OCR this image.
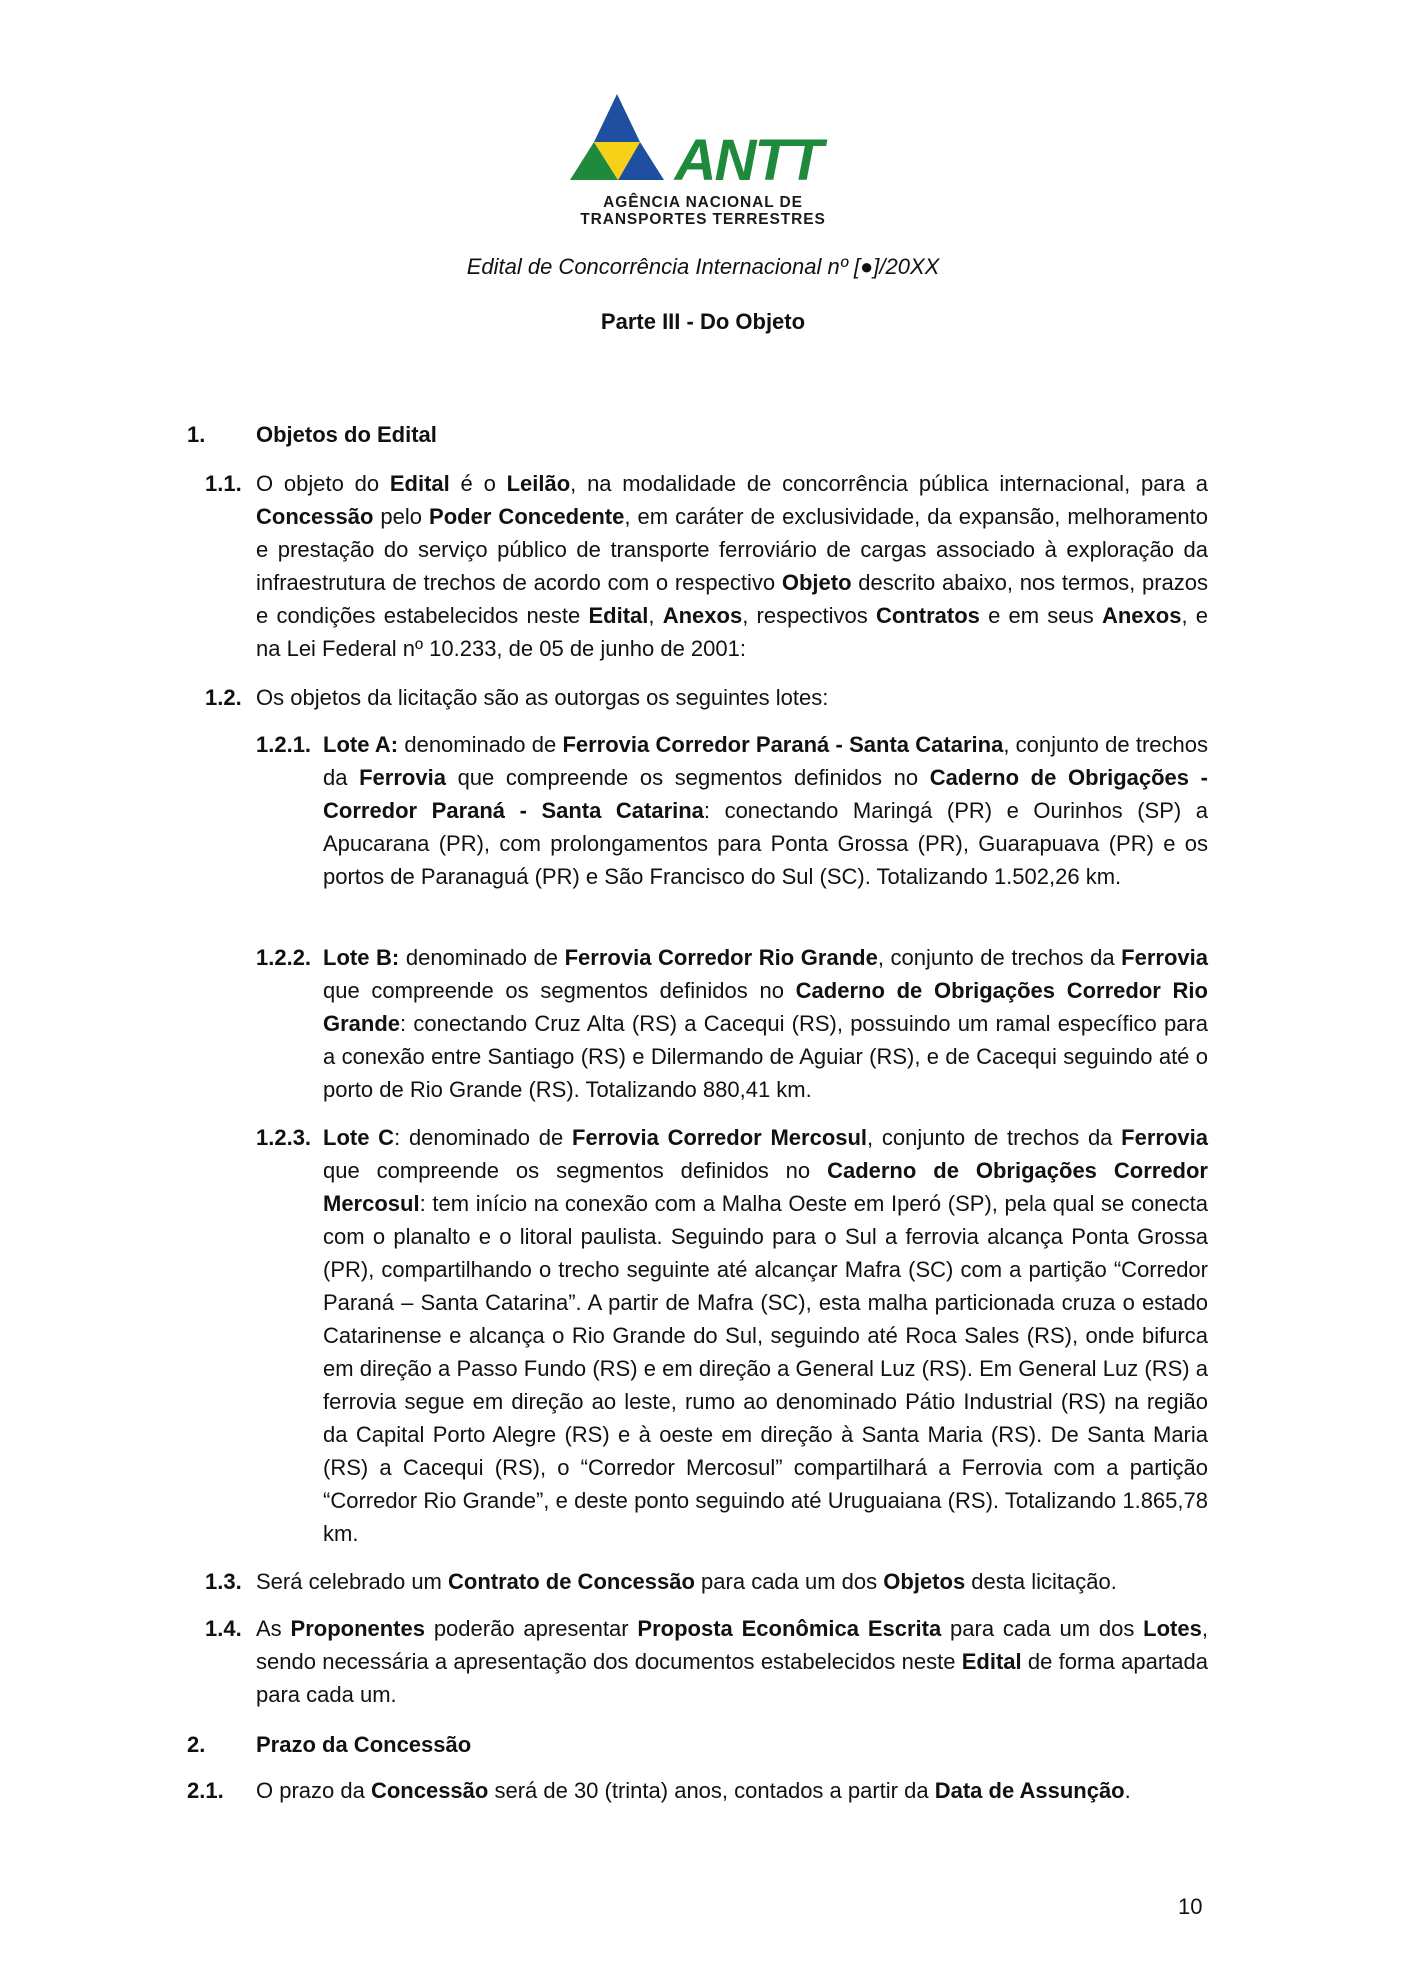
ANTT
AGÊNCIA NACIONAL DE
TRANSPORTES TERRESTRES
Edital de Concorrência Internacional nº [●]/20XX
Parte III - Do Objeto
1. Objetos do Edital
1.1. O objeto do Edital é o Leilão, na modalidade de concorrência pública internacional, para a Concessão pelo Poder Concedente, em caráter de exclusividade, da expansão, melhoramento e prestação do serviço público de transporte ferroviário de cargas associado à exploração da infraestrutura de trechos de acordo com o respectivo Objeto descrito abaixo, nos termos, prazos e condições estabelecidos neste Edital, Anexos, respectivos Contratos e em seus Anexos, e na Lei Federal nº 10.233, de 05 de junho de 2001:
1.2. Os objetos da licitação são as outorgas os seguintes lotes:
1.2.1. Lote A: denominado de Ferrovia Corredor Paraná - Santa Catarina, conjunto de trechos da Ferrovia que compreende os segmentos definidos no Caderno de Obrigações - Corredor Paraná - Santa Catarina: conectando Maringá (PR) e Ourinhos (SP) a Apucarana (PR), com prolongamentos para Ponta Grossa (PR), Guarapuava (PR) e os portos de Paranaguá (PR) e São Francisco do Sul (SC). Totalizando 1.502,26 km.
1.2.2. Lote B: denominado de Ferrovia Corredor Rio Grande, conjunto de trechos da Ferrovia que compreende os segmentos definidos no Caderno de Obrigações Corredor Rio Grande: conectando Cruz Alta (RS) a Cacequi (RS), possuindo um ramal específico para a conexão entre Santiago (RS) e Dilermando de Aguiar (RS), e de Cacequi seguindo até o porto de Rio Grande (RS). Totalizando 880,41 km.
1.2.3. Lote C: denominado de Ferrovia Corredor Mercosul, conjunto de trechos da Ferrovia que compreende os segmentos definidos no Caderno de Obrigações Corredor Mercosul: tem início na conexão com a Malha Oeste em Iperó (SP), pela qual se conecta com o planalto e o litoral paulista. Seguindo para o Sul a ferrovia alcança Ponta Grossa (PR), compartilhando o trecho seguinte até alcançar Mafra (SC) com a partição “Corredor Paraná – Santa Catarina”. A partir de Mafra (SC), esta malha particionada cruza o estado Catarinense e alcança o Rio Grande do Sul, seguindo até Roca Sales (RS), onde bifurca em direção a Passo Fundo (RS) e em direção a General Luz (RS). Em General Luz (RS) a ferrovia segue em direção ao leste, rumo ao denominado Pátio Industrial (RS) na região da Capital Porto Alegre (RS) e à oeste em direção à Santa Maria (RS). De Santa Maria (RS) a Cacequi (RS), o “Corredor Mercosul” compartilhará a Ferrovia com a partição “Corredor Rio Grande”, e deste ponto seguindo até Uruguaiana (RS). Totalizando 1.865,78 km.
1.3. Será celebrado um Contrato de Concessão para cada um dos Objetos desta licitação.
1.4. As Proponentes poderão apresentar Proposta Econômica Escrita para cada um dos Lotes, sendo necessária a apresentação dos documentos estabelecidos neste Edital de forma apartada para cada um.
2. Prazo da Concessão
2.1. O prazo da Concessão será de 30 (trinta) anos, contados a partir da Data de Assunção.
10
